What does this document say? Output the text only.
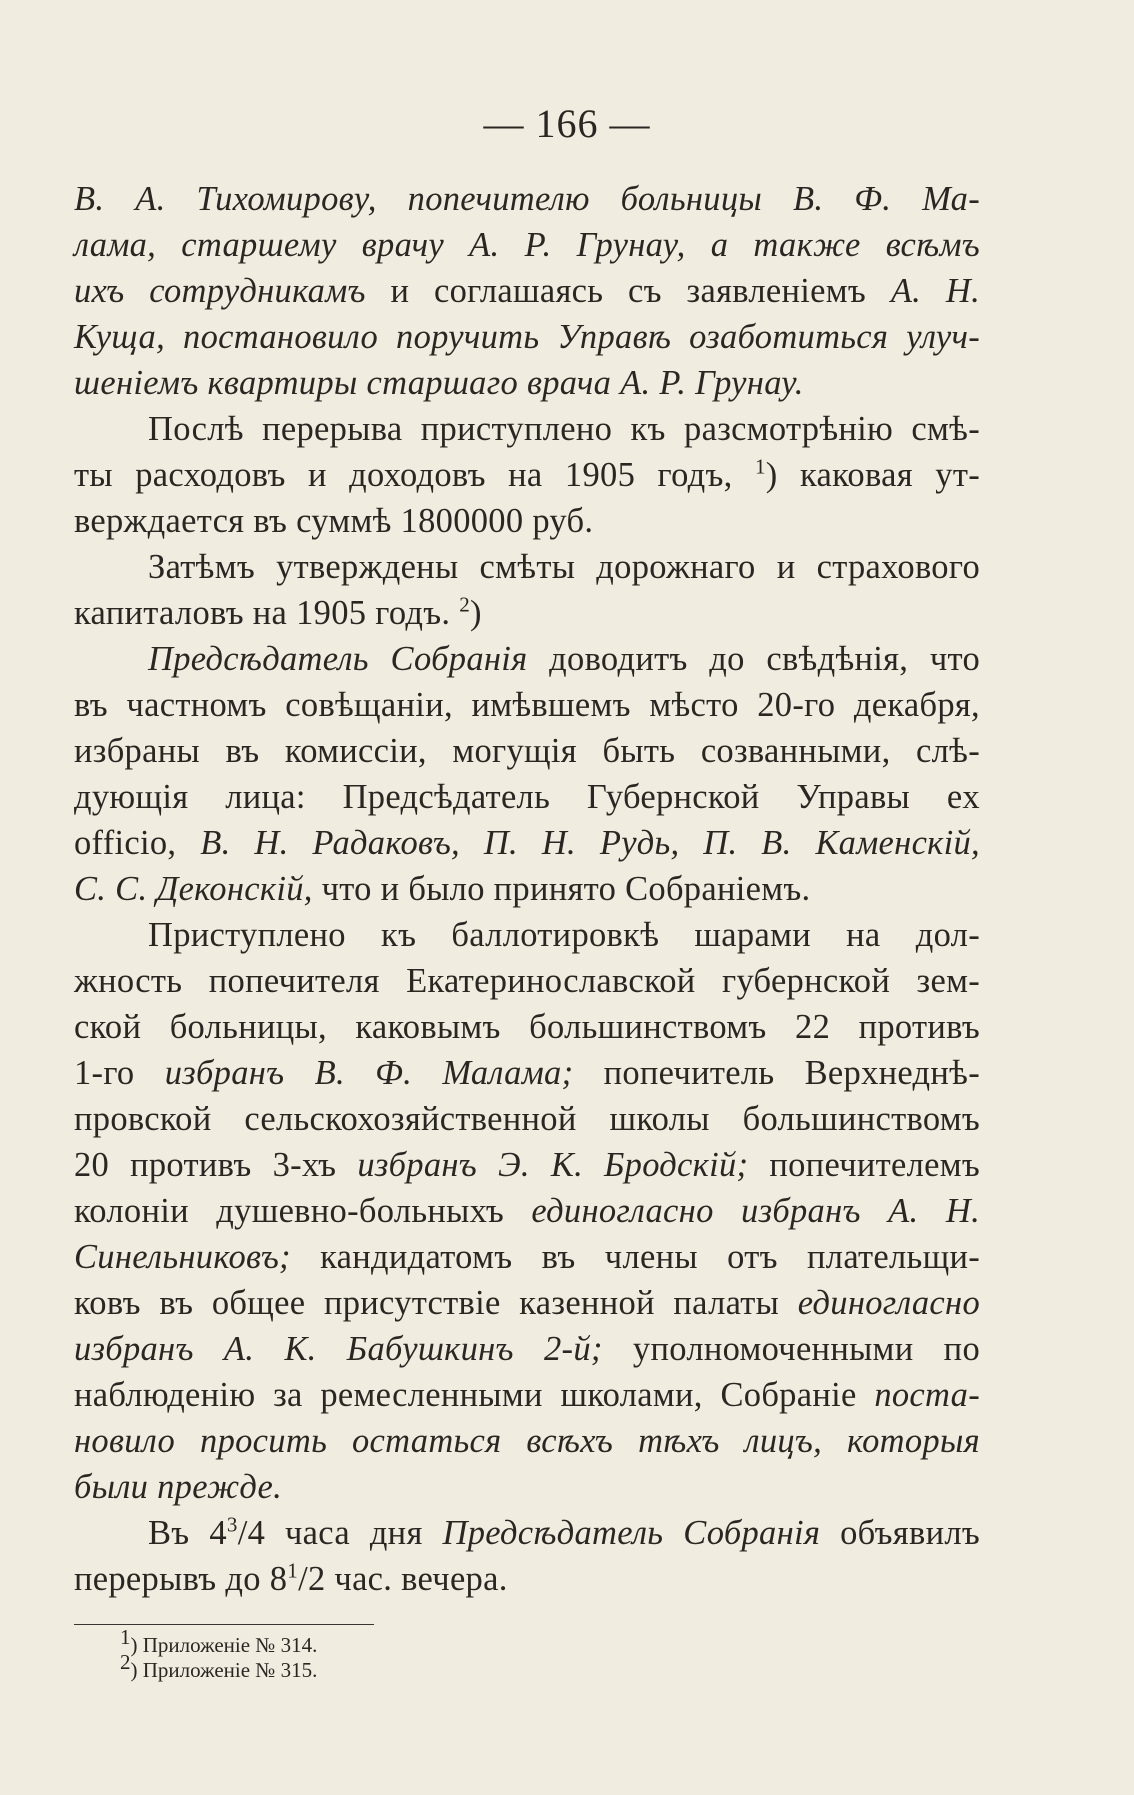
— 166 —
В. А. Тихомирову, попечителю больницы В. Ф. Ма-
лама, старшему врачу А. Р. Грунау, а также всѣмъ
ихъ сотрудникамъ и соглашаясь съ заявленіемъ А. Н.
Куща, постановило поручить Управѣ озаботиться улуч-
шеніемъ квартиры старшаго врача А. Р. Грунау.
Послѣ перерыва приступлено къ разсмотрѣнію смѣ-
ты расходовъ и доходовъ на 1905 годъ, $^1$) каковая ут-
верждается въ суммѣ 1800000 руб.
Затѣмъ утверждены смѣты дорожнаго и страхового
капиталовъ на 1905 годъ. $^2$)
Предсѣдатель Собранія доводитъ до свѣдѣнія, что
въ частномъ совѣщаніи, имѣвшемъ мѣсто 20-го декабря,
избраны въ комиссіи, могущія быть созванными, слѣ-
дующія лица: Предсѣдатель Губернской Управы ex
officio, В. Н. Радаковъ, П. Н. Рудь, П. В. Каменскій,
С. С. Деконскій, что и было принято Собраніемъ.
Приступлено къ баллотировкѣ шарами на дол-
жность попечителя Екатеринославской губернской зем-
ской больницы, каковымъ большинствомъ 22 противъ
1-го избранъ В. Ф. Малама; попечитель Верхнеднѣ-
провской сельскохозяйственной школы большинствомъ
20 противъ 3-хъ избранъ Э. К. Бродскій; попечителемъ
колоніи душевно-больныхъ единогласно избранъ А. Н.
Синельниковъ; кандидатомъ въ члены отъ плательщи-
ковъ въ общее присутствіе казенной палаты единогласно
избранъ А. К. Бабушкинъ 2-й; уполномоченными по
наблюденію за ремесленными школами, Собраніе поста-
новило просить остаться всѣхъ тѣхъ лицъ, которыя
были прежде.
Въ $4^3/4$ часа дня Предсѣдатель Собранія объявилъ
перерывъ до $8^1/2$ час. вечера.
$^1$) Приложеніе № 314.
$^2$) Приложеніе № 315.
